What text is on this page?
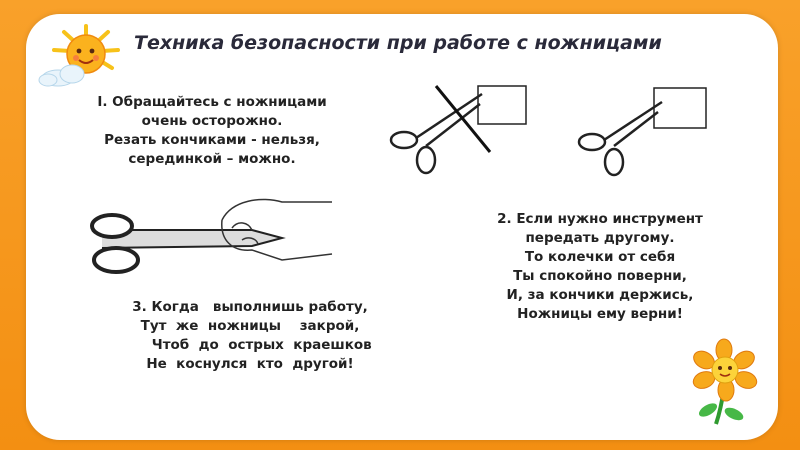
Техника безопасности при работе с ножницами
I. Обращайтесь с ножницами
очень осторожно.
Резать кончиками - нельзя,
серединкой – можно.
2. Если нужно инструмент
передать другому.
То колечки от себя
Ты спокойно поверни,
И, за кончики держись,
Ножницы ему верни!
3. Когда   выполнишь работу,
Тут  же  ножницы    закрой,
Чтоб  до  острых  краешков
Не  коснулся  кто  другой!
